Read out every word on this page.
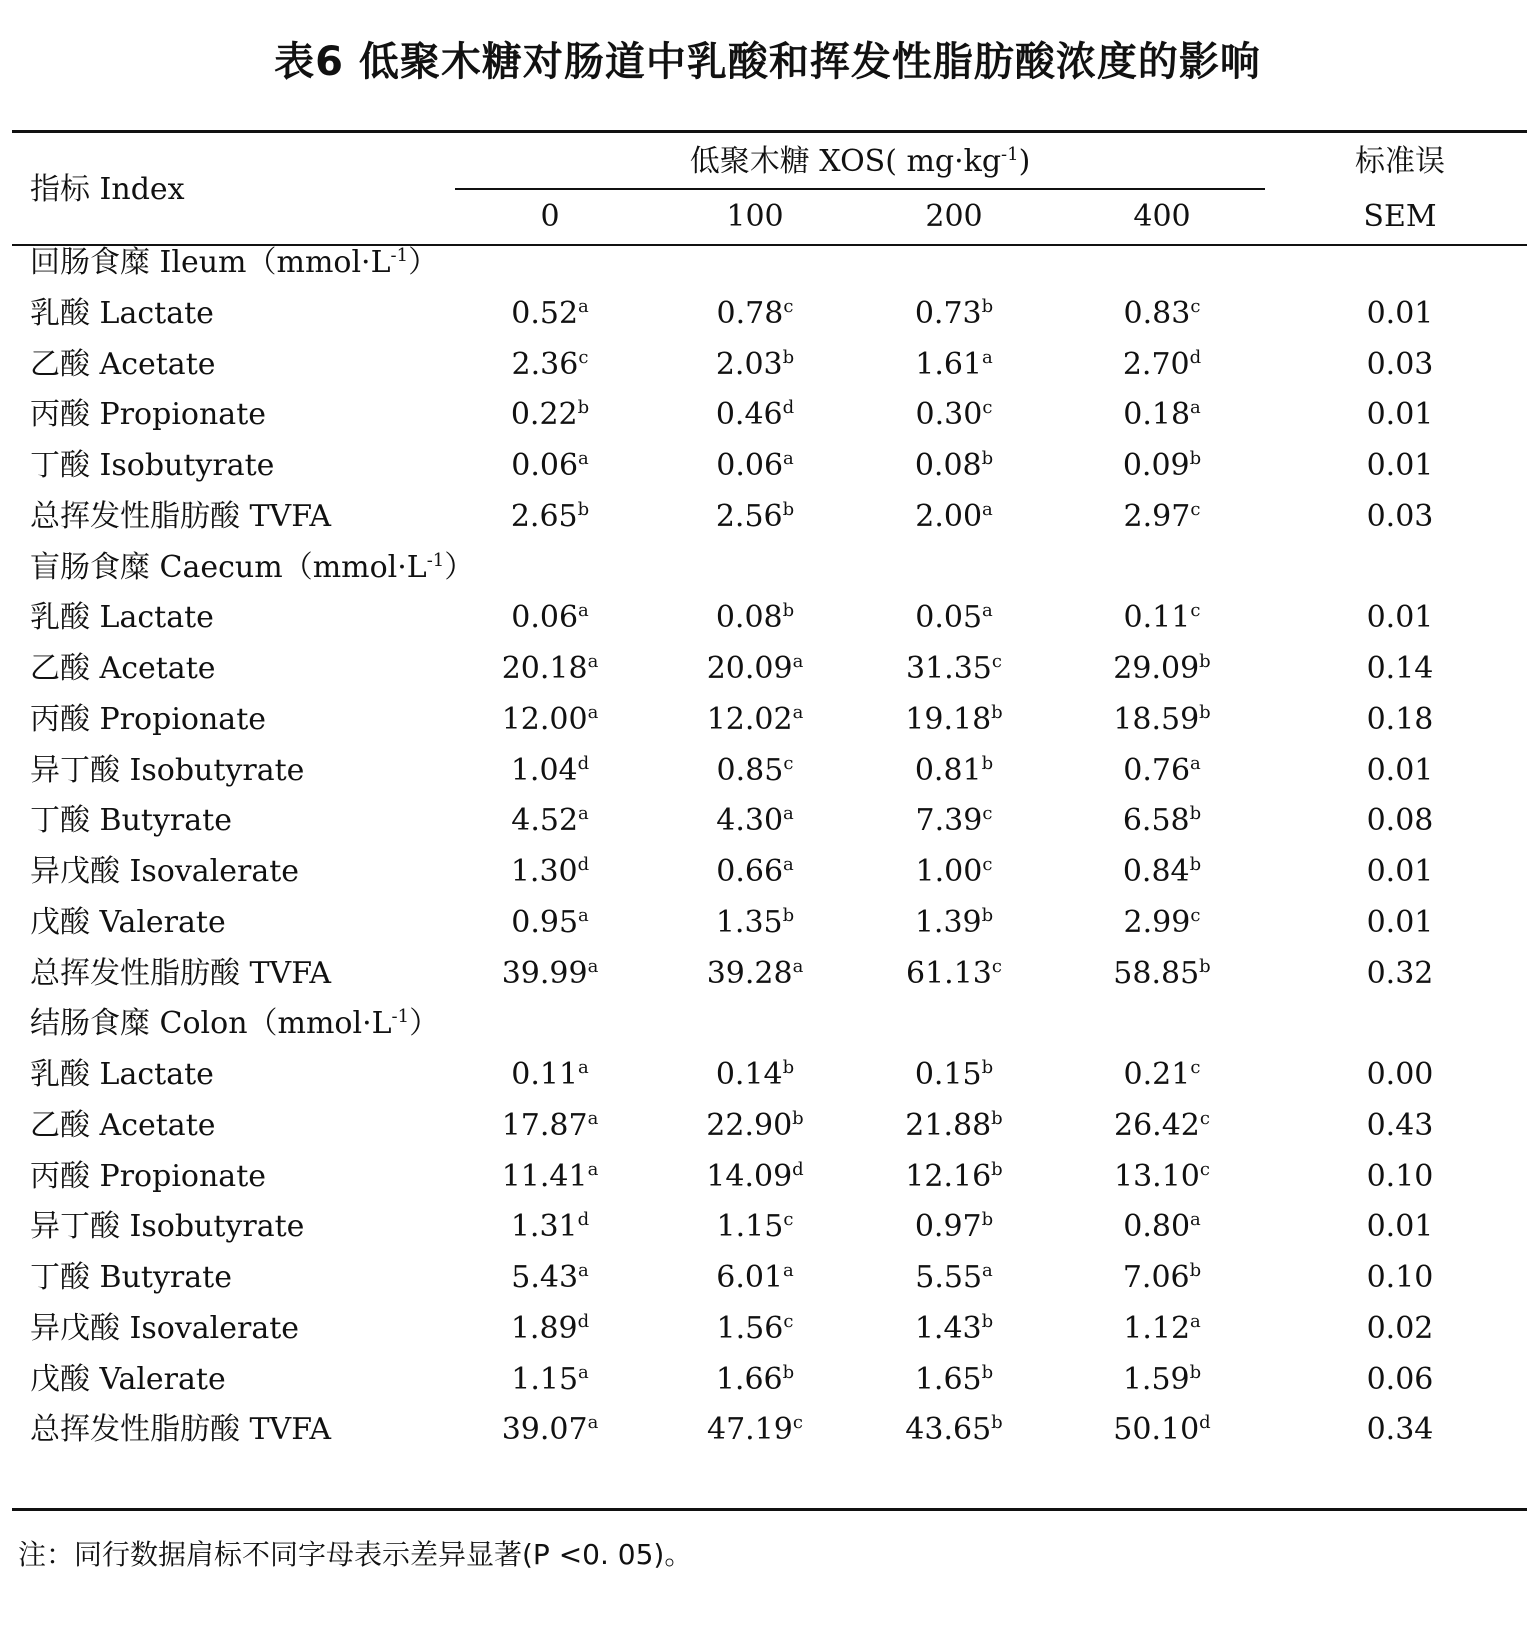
表6 低聚木糖对肠道中乳酸和挥发性脂肪酸浓度的影响
指标 Index
低聚木糖 XOS( $mg\cdot kg^{-1}$)	标准误
SEM
0	100	200	400
回肠食糜 $Ileum(mmol\cdot L^{-1})$
乳酸 Lactate	0.52$^a$	0.78$^c$	0.73$^b$	0.83$^c$	0.01
乙酸 Acetate	2.36$^c$	2.03$^b$	1.61$^a$	2.70$^d$	0.03
丙酸 Propionate	0.22$^b$	0.46$^d$	0.30$^c$	0.18$^a$	0.01
丁酸 Isobutyrate	0.06$^a$	0.06$^a$	0.08$^b$	0.09$^b$	0.01
总挥发性脂肪酸 TVFA	2.65$^b$	2.56$^b$	2.00$^a$	2.97$^c$	0.03
盲肠食糜 $Caecum(mmol\cdot L^{-1})$
乳酸 Lactate	0.06$^a$	0.08$^b$	0.05$^a$	0.11$^c$	0.01
乙酸 Acetate	20.18$^a$	20.09$^a$	31.35$^c$	29.09$^b$	0.14
丙酸 Propionate	12.00$^a$	12.02$^a$	19.18$^b$	18.59$^b$	0.18
异丁酸 Isobutyrate	1.04$^d$	0.85$^c$	0.81$^b$	0.76$^a$	0.01
丁酸 Butyrate	4.52$^a$	4.30$^a$	7.39$^c$	6.58$^b$	0.08
异戊酸 Isovalerate	1.30$^d$	0.66$^a$	1.00$^c$	0.84$^b$	0.01
戊酸 Valerate	0.95$^a$	1.35$^b$	1.39$^b$	2.99$^c$	0.01
总挥发性脂肪酸 TVFA	39.99$^a$	39.28$^a$	61.13$^c$	58.85$^b$	0.32
结肠食糜 $Colon(mmol\cdot L^{-1})$
乳酸 Lactate	0.11$^a$	0.14$^b$	0.15$^b$	0.21$^c$	0.00
乙酸 Acetate	17.87$^a$	22.90$^b$	21.88$^b$	26.42$^c$	0.43
丙酸 Propionate	11.41$^a$	14.09$^d$	12.16$^b$	13.10$^c$	0.10
异丁酸 Isobutyrate	1.31$^d$	1.15$^c$	0.97$^b$	0.80$^a$	0.01
丁酸 Butyrate	5.43$^a$	6.01$^a$	5.55$^a$	7.06$^b$	0.10
异戊酸 Isovalerate	1.89$^d$	1.56$^c$	1.43$^b$	1.12$^a$	0.02
戊酸 Valerate	1.15$^a$	1.66$^b$	1.65$^b$	1.59$^b$	0.06
总挥发性脂肪酸 TVFA	39.07$^a$	47.19$^c$	43.65$^b$	50.10$^d$	0.34
注：同行数据肩标不同字母表示差异显著(P <0. 05)。
